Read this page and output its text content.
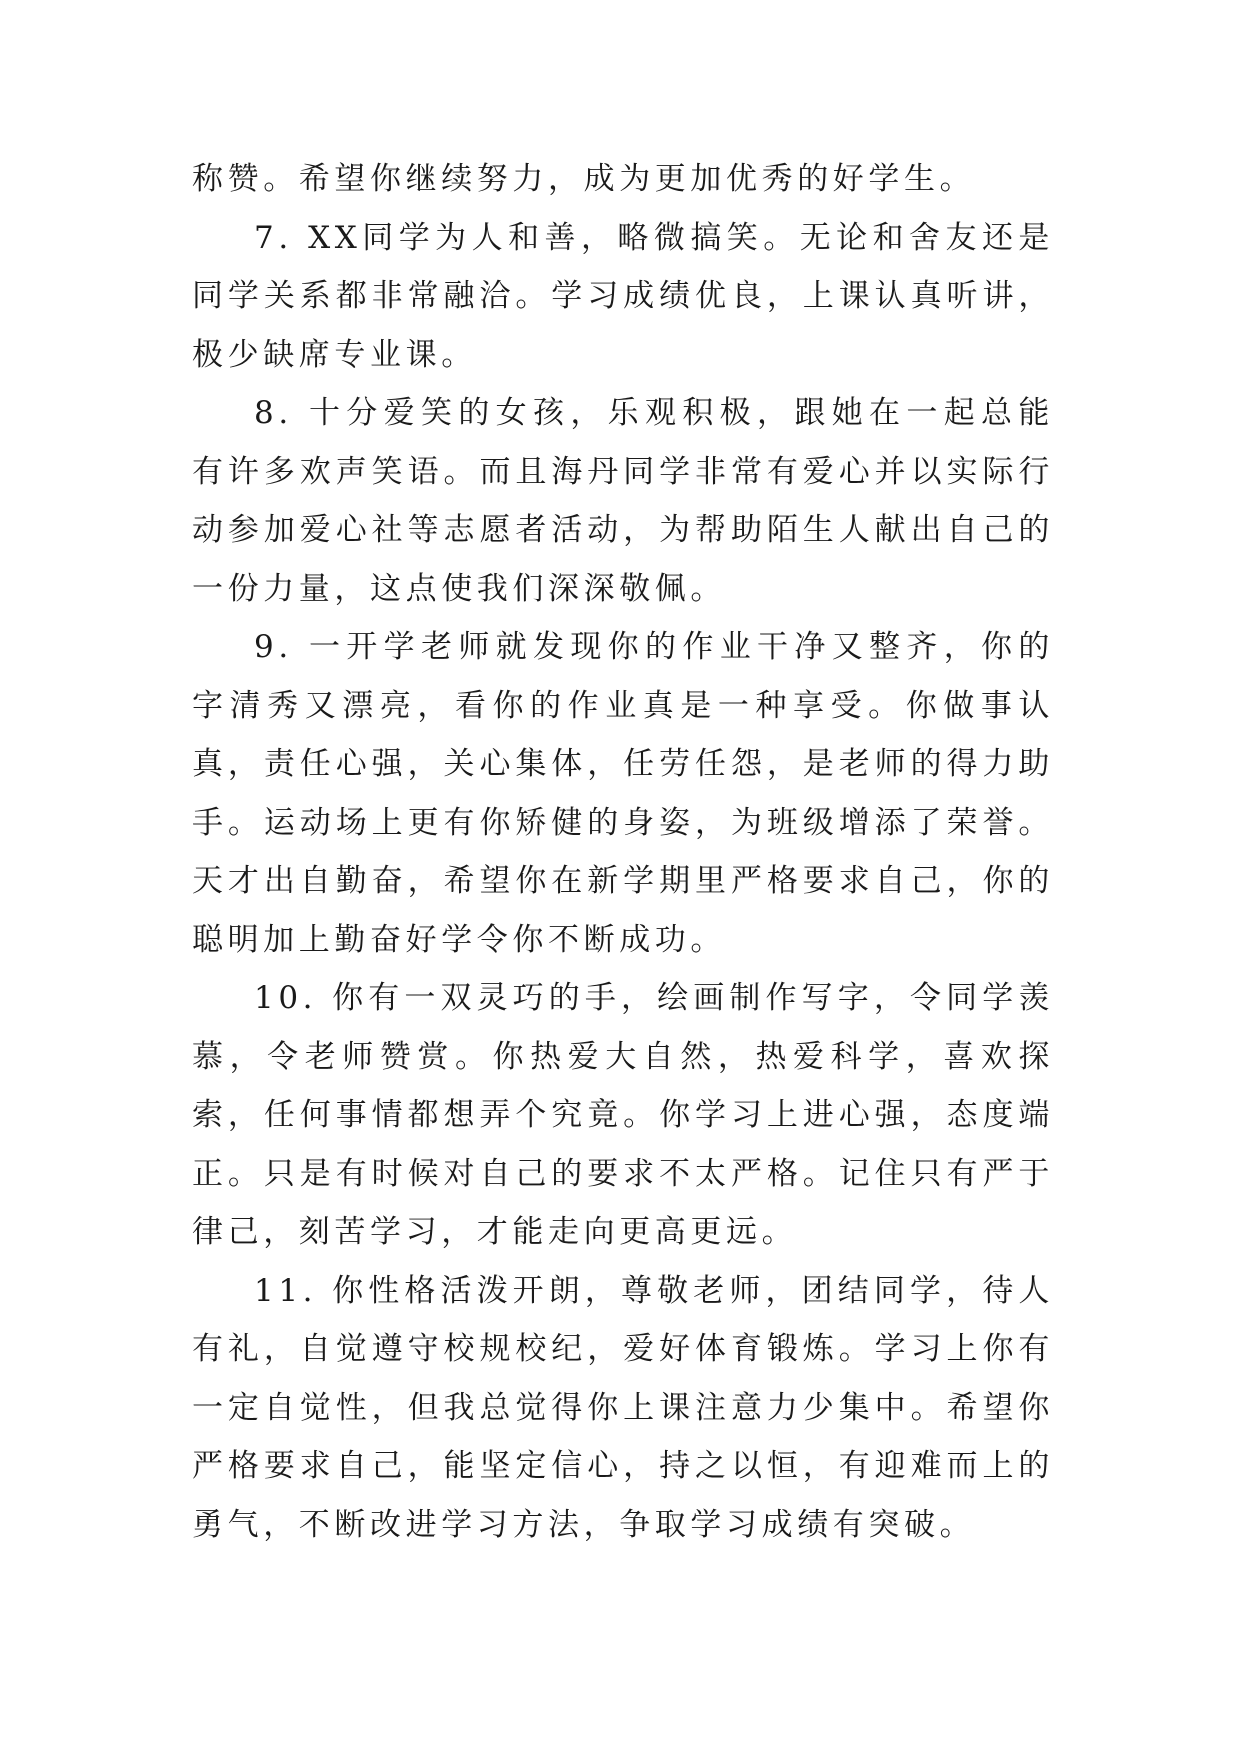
称赞。希望你继续努力，成为更加优秀的好学生。

7. XX同学为人和善，略微搞笑。无论和舍友还是同学关系都非常融洽。学习成绩优良，上课认真听讲，极少缺席专业课。

8. 十分爱笑的女孩，乐观积极，跟她在一起总能有许多欢声笑语。而且海丹同学非常有爱心并以实际行动参加爱心社等志愿者活动，为帮助陌生人献出自己的一份力量，这点使我们深深敬佩。

9. 一开学老师就发现你的作业干净又整齐，你的字清秀又漂亮，看你的作业真是一种享受。你做事认真，责任心强，关心集体，任劳任怨，是老师的得力助手。运动场上更有你矫健的身姿，为班级增添了荣誉。天才出自勤奋，希望你在新学期里严格要求自己，你的聪明加上勤奋好学令你不断成功。

10. 你有一双灵巧的手，绘画制作写字，令同学羡慕，令老师赞赏。你热爱大自然，热爱科学，喜欢探索，任何事情都想弄个究竟。你学习上进心强，态度端正。只是有时候对自己的要求不太严格。记住只有严于律己，刻苦学习，才能走向更高更远。

11. 你性格活泼开朗，尊敬老师，团结同学，待人有礼，自觉遵守校规校纪，爱好体育锻炼。学习上你有一定自觉性，但我总觉得你上课注意力少集中。希望你严格要求自己，能坚定信心，持之以恒，有迎难而上的勇气，不断改进学习方法，争取学习成绩有突破。
